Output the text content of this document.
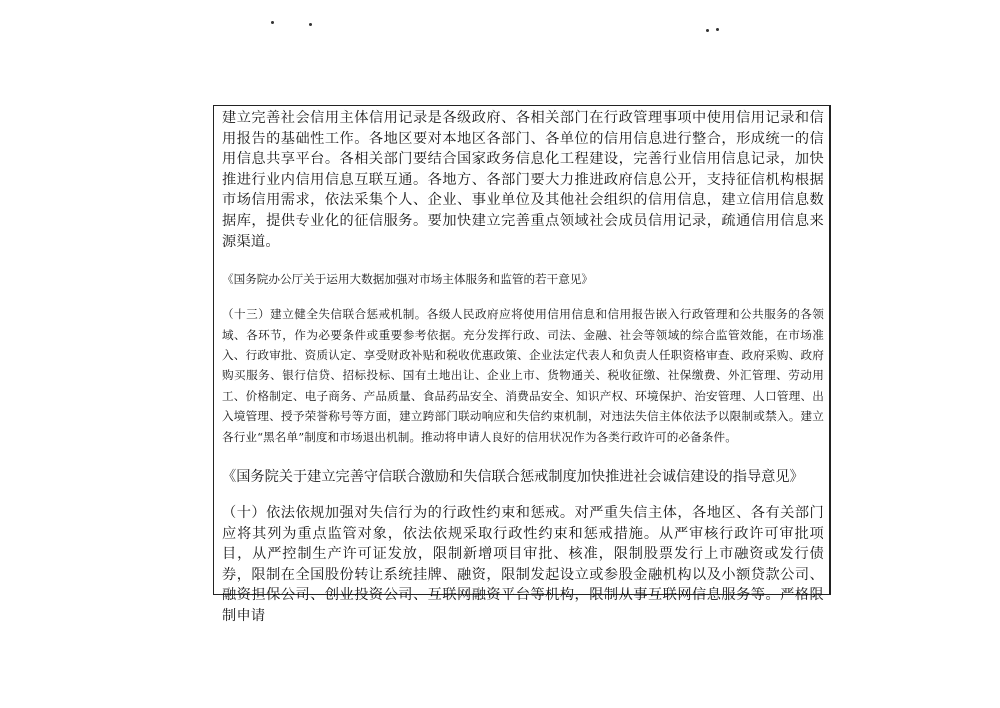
建立完善社会信用主体信用记录是各级政府、各相关部门在行政管理事项中使用信用记录和信用报告的基础性工作。各地区要对本地区各部门、各单位的信用信息进行整合，形成统一的信用信息共享平台。各相关部门要结合国家政务信息化工程建设，完善行业信用信息记录，加快推进行业内信用信息互联互通。各地方、各部门要大力推进政府信息公开，支持征信机构根据市场信用需求，依法采集个人、企业、事业单位及其他社会组织的信用信息，建立信用信息数据库，提供专业化的征信服务。要加快建立完善重点领域社会成员信用记录，疏通信用信息来源渠道。

《国务院办公厅关于运用大数据加强对市场主体服务和监管的若干意见》

（十三）建立健全失信联合惩戒机制。各级人民政府应将使用信用信息和信用报告嵌入行政管理和公共服务的各领域、各环节，作为必要条件或重要参考依据。充分发挥行政、司法、金融、社会等领域的综合监管效能，在市场准入、行政审批、资质认定、享受财政补贴和税收优惠政策、企业法定代表人和负责人任职资格审查、政府采购、政府购买服务、银行信贷、招标投标、国有土地出让、企业上市、货物通关、税收征缴、社保缴费、外汇管理、劳动用工、价格制定、电子商务、产品质量、食品药品安全、消费品安全、知识产权、环境保护、治安管理、人口管理、出入境管理、授予荣誉称号等方面，建立跨部门联动响应和失信约束机制，对违法失信主体依法予以限制或禁入。建立各行业“黑名单”制度和市场退出机制。推动将申请人良好的信用状况作为各类行政许可的必备条件。

《国务院关于建立完善守信联合激励和失信联合惩戒制度加快推进社会诚信建设的指导意见》

（十）依法依规加强对失信行为的行政性约束和惩戒。对严重失信主体，各地区、各有关部门应将其列为重点监管对象，依法依规采取行政性约束和惩戒措施。从严审核行政许可审批项目，从严控制生产许可证发放，限制新增项目审批、核准，限制股票发行上市融资或发行债券，限制在全国股份转让系统挂牌、融资，限制发起设立或参股金融机构以及小额贷款公司、融资担保公司、创业投资公司、互联网融资平台等机构，限制从事互联网信息服务等。严格限制申请
